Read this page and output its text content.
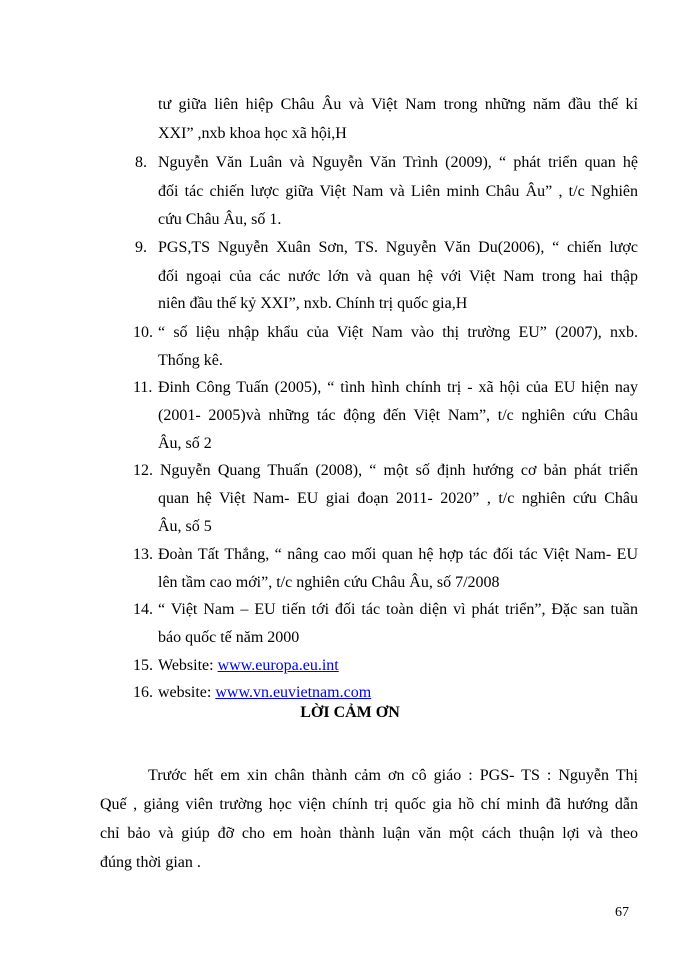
tư giữa liên hiệp Châu Âu và Việt Nam trong những năm đầu thế kỉ
XXI” ,nxb khoa học xã hội,H
8. Nguyễn Văn Luân và Nguyễn Văn Trình (2009), “ phát triển quan hệ
đối tác chiến lược giữa Việt Nam và Liên minh Châu Âu” , t/c Nghiên
cứu Châu Âu, số 1.
9. PGS,TS Nguyễn Xuân Sơn, TS. Nguyễn Văn Du(2006), “ chiến lược
đối ngoại của các nước lớn và quan hệ với Việt Nam trong hai thập
niên đầu thế kỷ XXI”, nxb. Chính trị quốc gia,H
10. “ số liệu nhập khẩu của Việt Nam vào thị trường EU” (2007), nxb.
Thống kê.
11. Đinh Công Tuấn (2005), “ tình hình chính trị - xã hội của EU hiện nay
(2001- 2005)và những tác động đến Việt Nam”, t/c nghiên cứu Châu
Âu, số 2
12. Nguyễn Quang Thuấn (2008), “ một số định hướng cơ bản phát triển
quan hệ Việt Nam- EU giai đoạn 2011- 2020” , t/c nghiên cứu Châu
Âu, số 5
13. Đoàn Tất Thắng, “ nâng cao mối quan hệ hợp tác đối tác Việt Nam- EU
lên tầm cao mới”, t/c nghiên cứu Châu Âu, số 7/2008
14. “ Việt Nam – EU tiến tới đối tác toàn diện vì phát triển”, Đặc san tuần
báo quốc tế năm 2000
15. Website: www.europa.eu.int
16. website: www.vn.euvietnam.com
LỜI CẢM ƠN
Trước hết em xin chân thành cảm ơn cô giáo : PGS- TS : Nguyễn Thị
Quế , giảng viên trường học viện chính trị quốc gia hồ chí minh đã hướng dẫn
chỉ bảo và giúp đỡ cho em hoàn thành luận văn một cách thuận lợi và theo
đúng thời gian .
67
